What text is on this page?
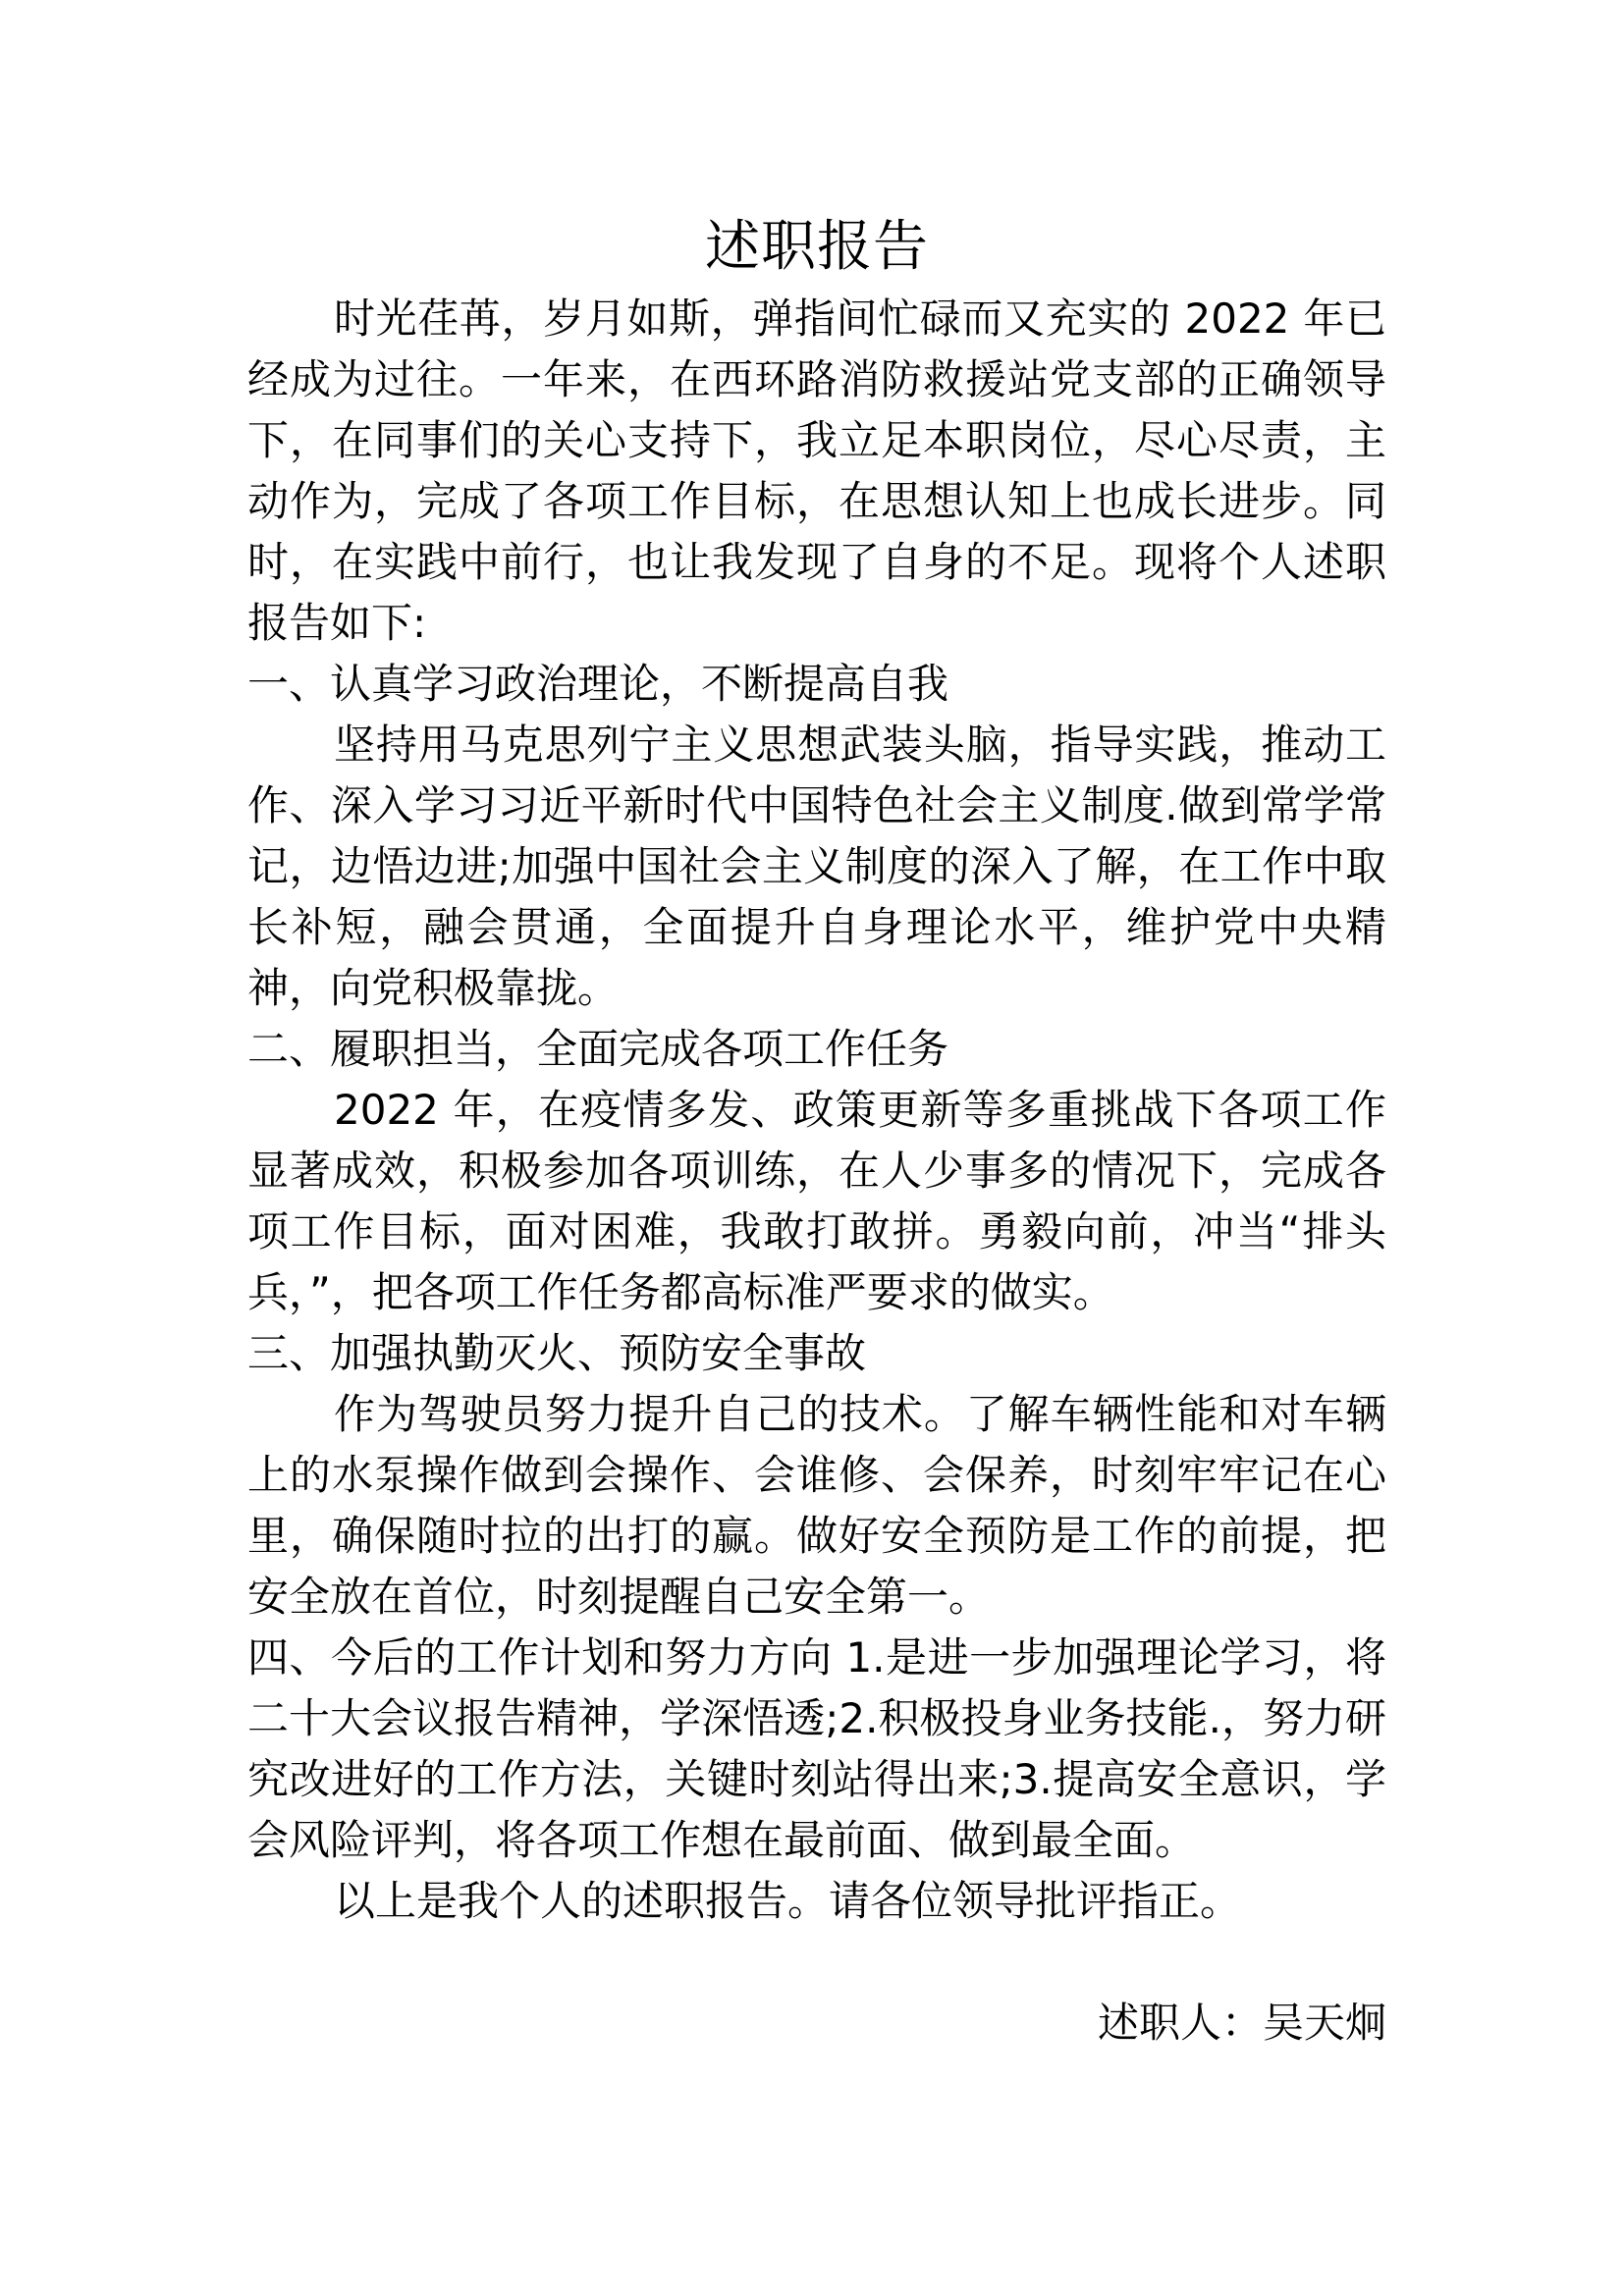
述职报告

时光荏苒，岁月如斯，弹指间忙碌而又充实的 2022 年已经成为过往。一年来，在西环路消防救援站党支部的正确领导下，在同事们的关心支持下，我立足本职岗位，尽心尽责，主动作为，完成了各项工作目标，在思想认知上也成长进步。同时，在实践中前行，也让我发现了自身的不足。现将个人述职报告如下:

一、认真学习政治理论，不断提高自我

坚持用马克思列宁主义思想武装头脑，指导实践，推动工作、深入学习习近平新时代中国特色社会主义制度.做到常学常记，边悟边进;加强中国社会主义制度的深入了解，在工作中取长补短，融会贯通，全面提升自身理论水平，维护党中央精神，向党积极靠拢。

二、履职担当，全面完成各项工作任务

2022 年，在疫情多发、政策更新等多重挑战下各项工作显著成效，积极参加各项训练，在人少事多的情况下，完成各项工作目标，面对困难，我敢打敢拼。勇毅向前，冲当“排头兵，”，把各项工作任务都高标准严要求的做实。

三、加强执勤灭火、预防安全事故

作为驾驶员努力提升自己的技术。了解车辆性能和对车辆上的水泵操作做到会操作、会谁修、会保养，时刻牢牢记在心里，确保随时拉的出打的赢。做好安全预防是工作的前提，把安全放在首位，时刻提醒自己安全第一。

四、今后的工作计划和努力方向 1.是进一步加强理论学习，将二十大会议报告精神，学深悟透;2.积极投身业务技能.，努力研究改进好的工作方法，关键时刻站得出来;3.提高安全意识，学会风险评判，将各项工作想在最前面、做到最全面。

以上是我个人的述职报告。请各位领导批评指正。

述职人：吴天炯
